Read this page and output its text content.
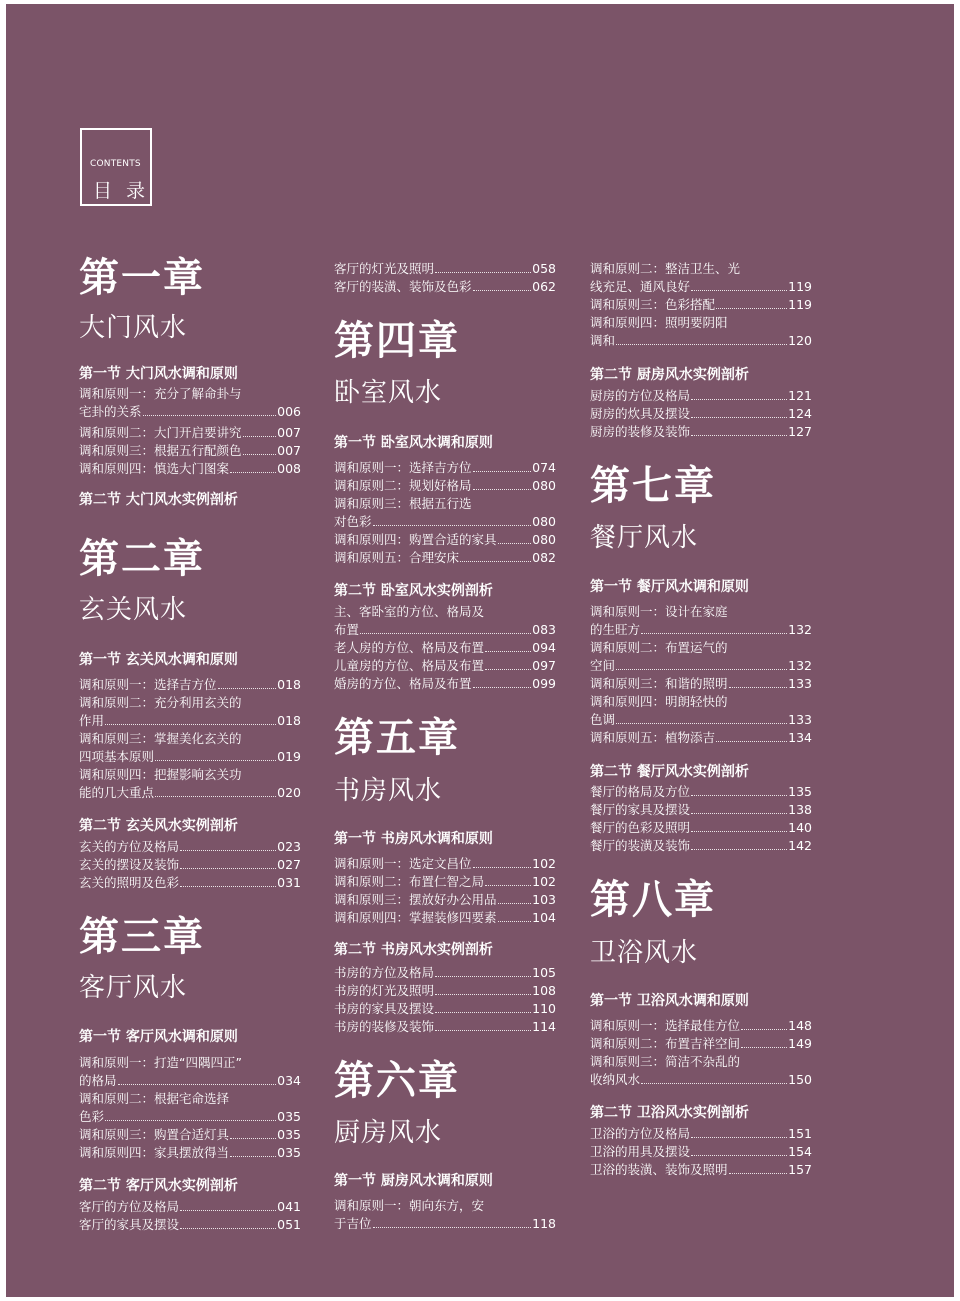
CONTENTS
目 录
第一章
大门风水
第一节 大门风水调和原则
调和原则一：充分了解命卦与
宅卦的关系	006
调和原则二：大门开启要讲究	007
调和原则三：根据五行配颜色	007
调和原则四：慎选大门图案	008
第二节 大门风水实例剖析
第二章
玄关风水
第一节 玄关风水调和原则
调和原则一：选择吉方位	018
调和原则二：充分利用玄关的
作用	018
调和原则三：掌握美化玄关的
四项基本原则	019
调和原则四：把握影响玄关功
能的几大重点	020
第二节 玄关风水实例剖析
玄关的方位及格局	023
玄关的摆设及装饰	027
玄关的照明及色彩	031
第三章
客厅风水
第一节 客厅风水调和原则
调和原则一：打造“四隅四正”
的格局	034
调和原则二：根据宅命选择
色彩	035
调和原则三：购置合适灯具	035
调和原则四：家具摆放得当	035
第二节 客厅风水实例剖析
客厅的方位及格局	041
客厅的家具及摆设	051
客厅的灯光及照明	058
客厅的装潢、装饰及色彩	062
第四章
卧室风水
第一节 卧室风水调和原则
调和原则一：选择吉方位	074
调和原则二：规划好格局	080
调和原则三：根据五行选
对色彩	080
调和原则四：购置合适的家具	080
调和原则五：合理安床	082
第二节 卧室风水实例剖析
主、客卧室的方位、格局及
布置	083
老人房的方位、格局及布置	094
儿童房的方位、格局及布置	097
婚房的方位、格局及布置	099
第五章
书房风水
第一节 书房风水调和原则
调和原则一：选定文昌位	102
调和原则二：布置仁智之局	102
调和原则三：摆放好办公用品	103
调和原则四：掌握装修四要素	104
第二节 书房风水实例剖析
书房的方位及格局	105
书房的灯光及照明	108
书房的家具及摆设	110
书房的装修及装饰	114
第六章
厨房风水
第一节 厨房风水调和原则
调和原则一：朝向东方，安
于吉位	118
调和原则二：整洁卫生、光
线充足、通风良好	119
调和原则三：色彩搭配	119
调和原则四：照明要阴阳
调和	120
第二节 厨房风水实例剖析
厨房的方位及格局	121
厨房的炊具及摆设	124
厨房的装修及装饰	127
第七章
餐厅风水
第一节 餐厅风水调和原则
调和原则一：设计在家庭
的生旺方	132
调和原则二：布置运气的
空间	132
调和原则三：和谐的照明	133
调和原则四：明朗轻快的
色调	133
调和原则五：植物添吉	134
第二节 餐厅风水实例剖析
餐厅的格局及方位	135
餐厅的家具及摆设	138
餐厅的色彩及照明	140
餐厅的装潢及装饰	142
第八章
卫浴风水
第一节 卫浴风水调和原则
调和原则一：选择最佳方位	148
调和原则二：布置吉祥空间	149
调和原则三：简洁不杂乱的
收纳风水	150
第二节 卫浴风水实例剖析
卫浴的方位及格局	151
卫浴的用具及摆设	154
卫浴的装潢、装饰及照明	157
